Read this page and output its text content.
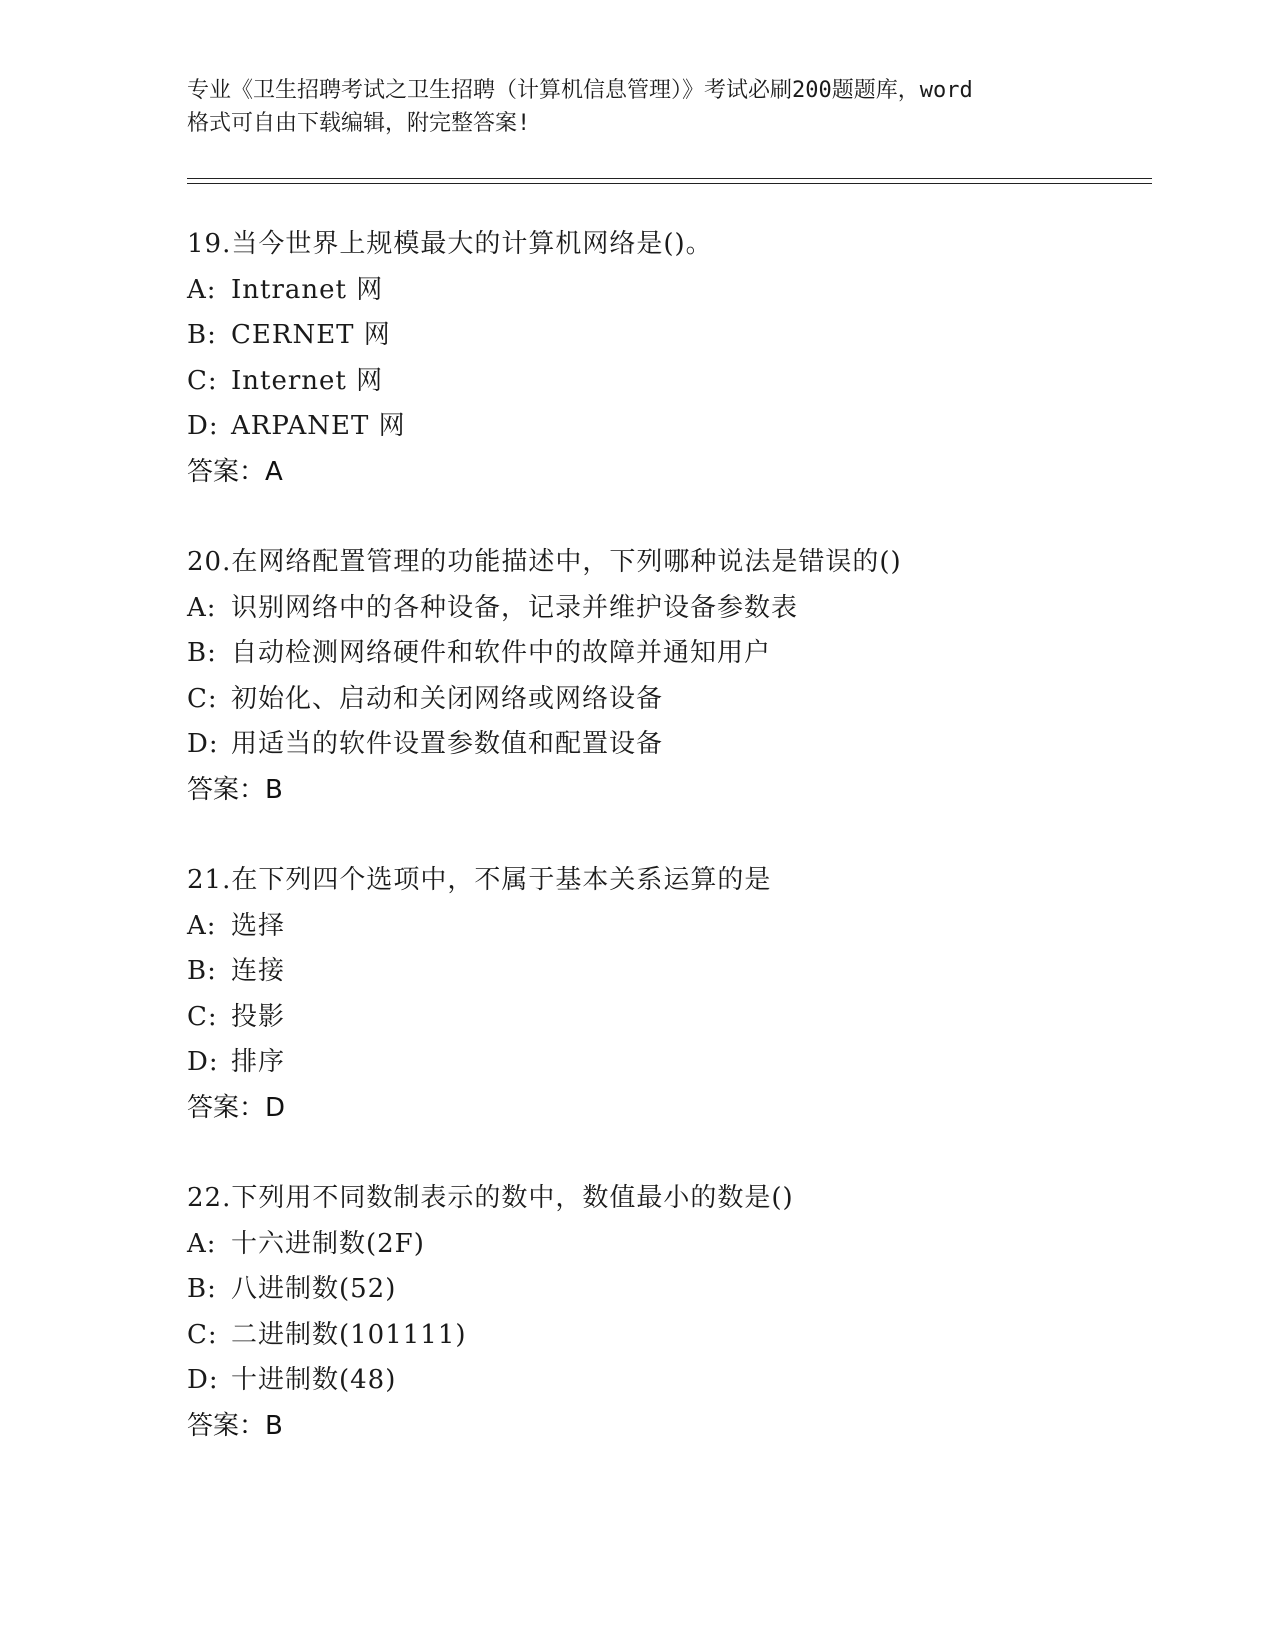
专业《卫生招聘考试之卫生招聘（计算机信息管理）》考试必刷200题题库，word
格式可自由下载编辑，附完整答案!
19.当今世界上规模最大的计算机网络是()。
A: Intranet 网
B: CERNET 网
C: Internet 网
D: ARPANET 网
答案：A
20.在网络配置管理的功能描述中，下列哪种说法是错误的()
A: 识别网络中的各种设备，记录并维护设备参数表
B: 自动检测网络硬件和软件中的故障并通知用户
C: 初始化、启动和关闭网络或网络设备
D: 用适当的软件设置参数值和配置设备
答案：B
21.在下列四个选项中，不属于基本关系运算的是
A: 选择
B: 连接
C: 投影
D: 排序
答案：D
22.下列用不同数制表示的数中，数值最小的数是()
A: 十六进制数(2F)
B: 八进制数(52)
C: 二进制数(101111)
D: 十进制数(48)
答案：B
